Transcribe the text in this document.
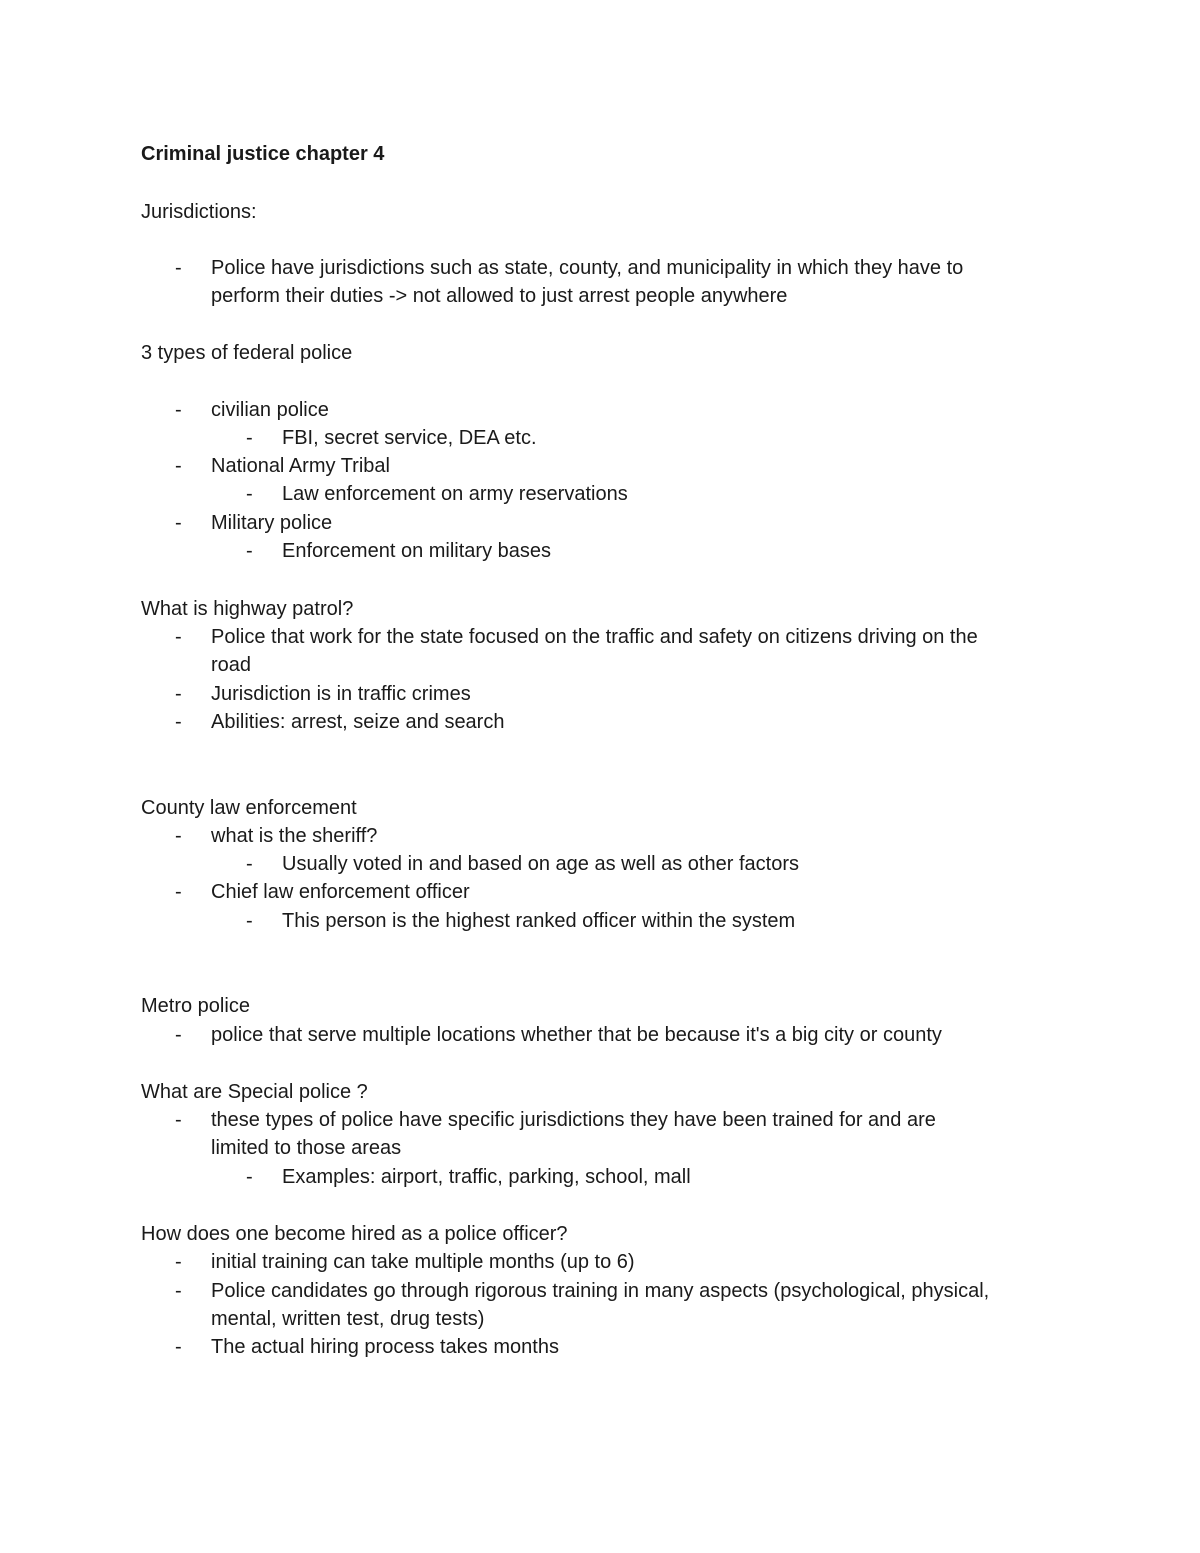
Criminal justice chapter 4
Jurisdictions:
- Police have jurisdictions such as state, county, and municipality in which they have to
perform their duties -> not allowed to just arrest people anywhere
3 types of federal police
- civilian police
- FBI, secret service, DEA etc.
- National Army Tribal
- Law enforcement on army reservations
- Military police
- Enforcement on military bases
What is highway patrol?
- Police that work for the state focused on the traffic and safety on citizens driving on the
road
- Jurisdiction is in traffic crimes
- Abilities: arrest, seize and search
County law enforcement
- what is the sheriff?
- Usually voted in and based on age as well as other factors
- Chief law enforcement officer
- This person is the highest ranked officer within the system
Metro police
- police that serve multiple locations whether that be because it's a big city or county
What are Special police ?
- these types of police have specific jurisdictions they have been trained for and are
limited to those areas
- Examples: airport, traffic, parking, school, mall
How does one become hired as a police officer?
- initial training can take multiple months (up to 6)
- Police candidates go through rigorous training in many aspects (psychological, physical,
mental, written test, drug tests)
- The actual hiring process takes months
